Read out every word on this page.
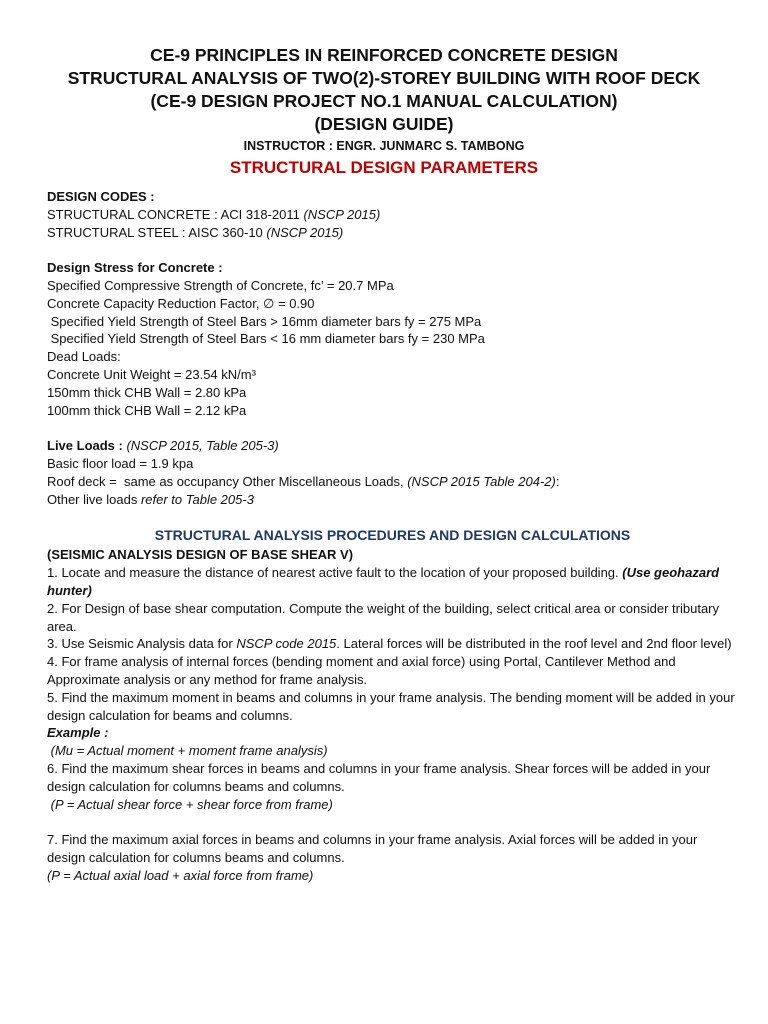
CE-9 PRINCIPLES IN REINFORCED CONCRETE DESIGN
STRUCTURAL ANALYSIS OF TWO(2)-STOREY BUILDING WITH ROOF DECK
(CE-9 DESIGN PROJECT NO.1 MANUAL CALCULATION)
(DESIGN GUIDE)
INSTRUCTOR : ENGR. JUNMARC S. TAMBONG
STRUCTURAL DESIGN PARAMETERS
DESIGN CODES :
STRUCTURAL CONCRETE : ACI 318-2011 (NSCP 2015)
STRUCTURAL STEEL : AISC 360-10 (NSCP 2015)
Design Stress for Concrete :
Specified Compressive Strength of Concrete, fc’ = 20.7 MPa
Concrete Capacity Reduction Factor, ∅ = 0.90
Specified Yield Strength of Steel Bars > 16mm diameter bars fy = 275 MPa
Specified Yield Strength of Steel Bars < 16 mm diameter bars fy = 230 MPa
Dead Loads:
Concrete Unit Weight = 23.54 kN/m³
150mm thick CHB Wall = 2.80 kPa
100mm thick CHB Wall = 2.12 kPa
Live Loads : (NSCP 2015, Table 205-3)
Basic floor load = 1.9 kpa
Roof deck =  same as occupancy Other Miscellaneous Loads, (NSCP 2015 Table 204-2):
Other live loads refer to Table 205-3
STRUCTURAL ANALYSIS PROCEDURES AND DESIGN CALCULATIONS
(SEISMIC ANALYSIS DESIGN OF BASE SHEAR V)
1. Locate and measure the distance of nearest active fault to the location of your proposed building. (Use geohazard hunter)
2. For Design of base shear computation. Compute the weight of the building, select critical area or consider tributary area.
3. Use Seismic Analysis data for NSCP code 2015. Lateral forces will be distributed in the roof level and 2nd floor level)
4. For frame analysis of internal forces (bending moment and axial force) using Portal, Cantilever Method and Approximate analysis or any method for frame analysis.
5. Find the maximum moment in beams and columns in your frame analysis. The bending moment will be added in your design calculation for beams and columns.
Example :
(Mu = Actual moment + moment frame analysis)
6. Find the maximum shear forces in beams and columns in your frame analysis. Shear forces will be added in your design calculation for columns beams and columns.
(P = Actual shear force + shear force from frame)
7. Find the maximum axial forces in beams and columns in your frame analysis. Axial forces will be added in your design calculation for columns beams and columns.
(P = Actual axial load + axial force from frame)
